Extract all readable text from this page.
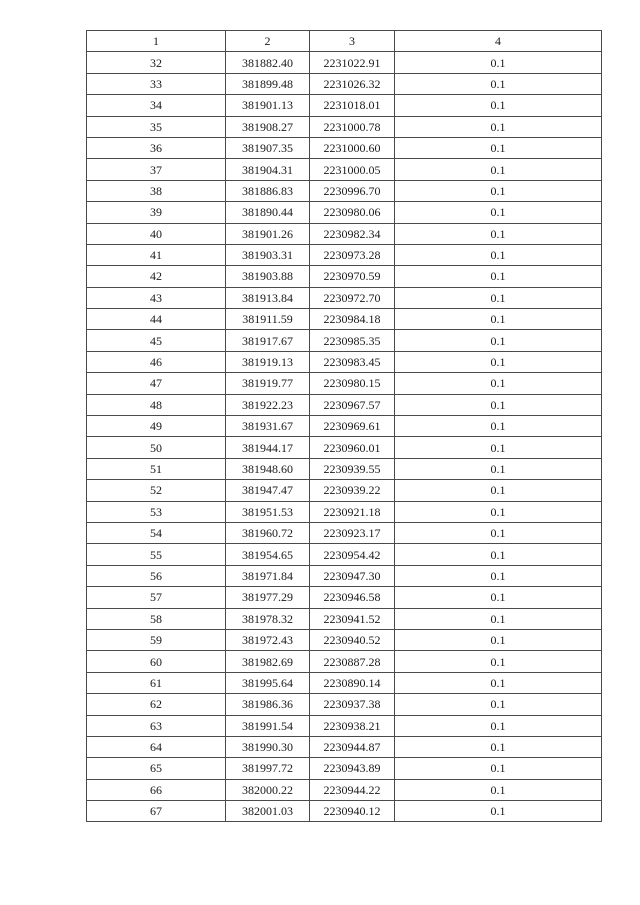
1	2	3	4
32	381882.40	2231022.91	0.1
33	381899.48	2231026.32	0.1
34	381901.13	2231018.01	0.1
35	381908.27	2231000.78	0.1
36	381907.35	2231000.60	0.1
37	381904.31	2231000.05	0.1
38	381886.83	2230996.70	0.1
39	381890.44	2230980.06	0.1
40	381901.26	2230982.34	0.1
41	381903.31	2230973.28	0.1
42	381903.88	2230970.59	0.1
43	381913.84	2230972.70	0.1
44	381911.59	2230984.18	0.1
45	381917.67	2230985.35	0.1
46	381919.13	2230983.45	0.1
47	381919.77	2230980.15	0.1
48	381922.23	2230967.57	0.1
49	381931.67	2230969.61	0.1
50	381944.17	2230960.01	0.1
51	381948.60	2230939.55	0.1
52	381947.47	2230939.22	0.1
53	381951.53	2230921.18	0.1
54	381960.72	2230923.17	0.1
55	381954.65	2230954.42	0.1
56	381971.84	2230947.30	0.1
57	381977.29	2230946.58	0.1
58	381978.32	2230941.52	0.1
59	381972.43	2230940.52	0.1
60	381982.69	2230887.28	0.1
61	381995.64	2230890.14	0.1
62	381986.36	2230937.38	0.1
63	381991.54	2230938.21	0.1
64	381990.30	2230944.87	0.1
65	381997.72	2230943.89	0.1
66	382000.22	2230944.22	0.1
67	382001.03	2230940.12	0.1
